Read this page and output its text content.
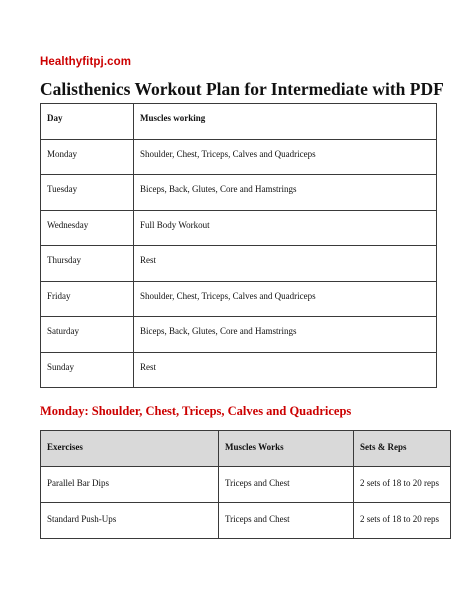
Healthyfitpj.com
Calisthenics Workout Plan for Intermediate with PDF
Day	Muscles working

Monday	Shoulder, Chest, Triceps, Calves and Quadriceps

Tuesday	Biceps, Back, Glutes, Core and Hamstrings

Wednesday	Full Body Workout

Thursday	Rest

Friday	Shoulder, Chest, Triceps, Calves and Quadriceps

Saturday	Biceps, Back, Glutes, Core and Hamstrings

Sunday	Rest
Monday: Shoulder, Chest, Triceps, Calves and Quadriceps
Exercises	Muscles Works	Sets & Reps

Parallel Bar Dips	Triceps and Chest	2 sets of 18 to 20 reps

Standard Push-Ups	Triceps and Chest	2 sets of 18 to 20 reps
